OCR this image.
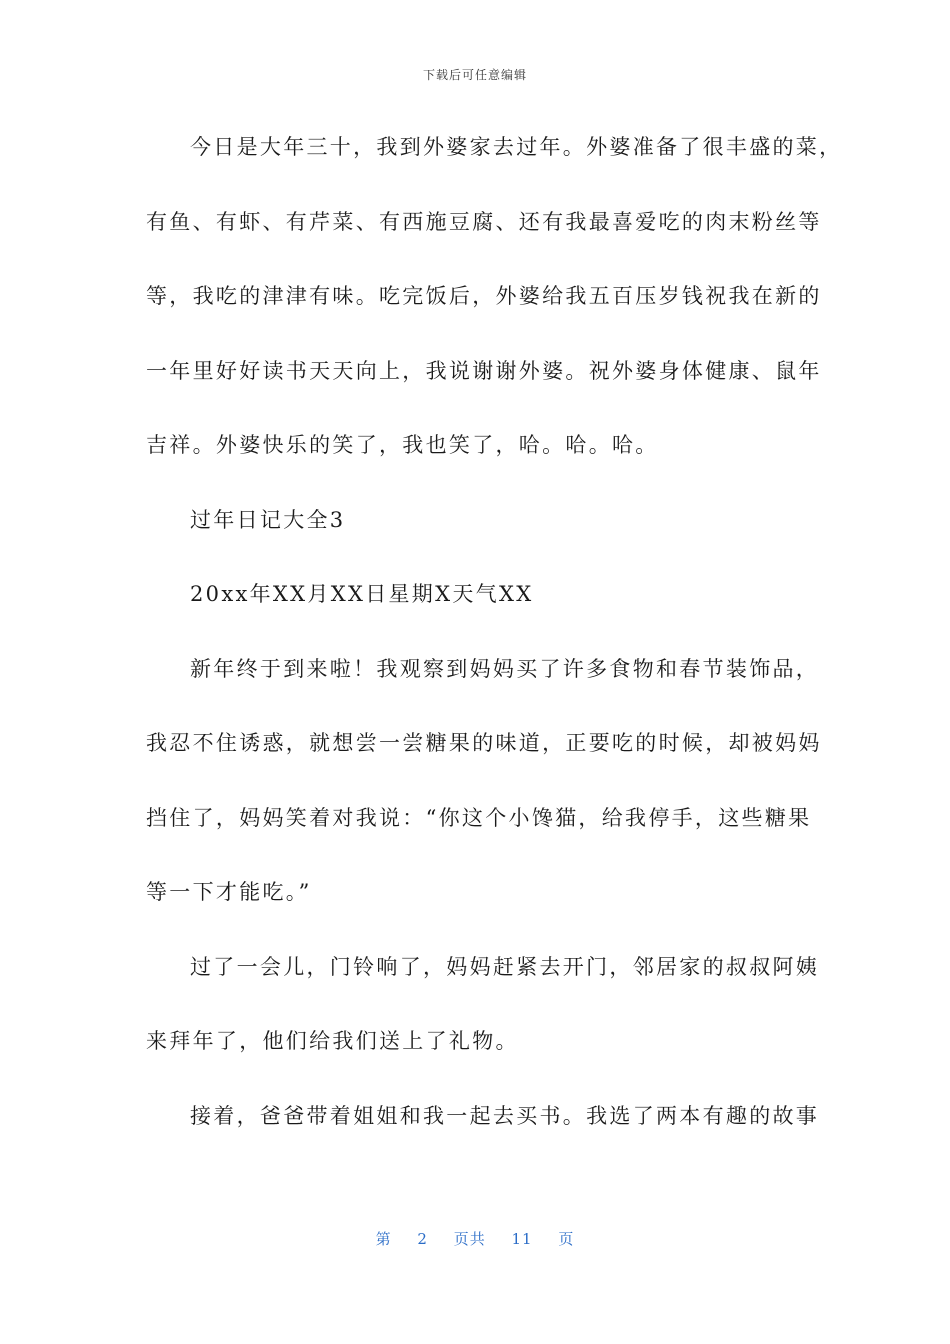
下载后可任意编辑
今日是大年三十，我到外婆家去过年。外婆准备了很丰盛的菜，
有鱼、有虾、有芹菜、有西施豆腐、还有我最喜爱吃的肉末粉丝等
等，我吃的津津有味。吃完饭后，外婆给我五百压岁钱祝我在新的
一年里好好读书天天向上，我说谢谢外婆。祝外婆身体健康、鼠年
吉祥。外婆快乐的笑了，我也笑了，哈。哈。哈。
过年日记大全3
20xx年XX月XX日星期X天气XX
新年终于到来啦！我观察到妈妈买了许多食物和春节装饰品，
我忍不住诱惑，就想尝一尝糖果的味道，正要吃的时候，却被妈妈
挡住了，妈妈笑着对我说：“你这个小馋猫，给我停手，这些糖果
等一下才能吃。”
过了一会儿，门铃响了，妈妈赶紧去开门，邻居家的叔叔阿姨
来拜年了，他们给我们送上了礼物。
接着，爸爸带着姐姐和我一起去买书。我选了两本有趣的故事
第 2 页共 11 页
